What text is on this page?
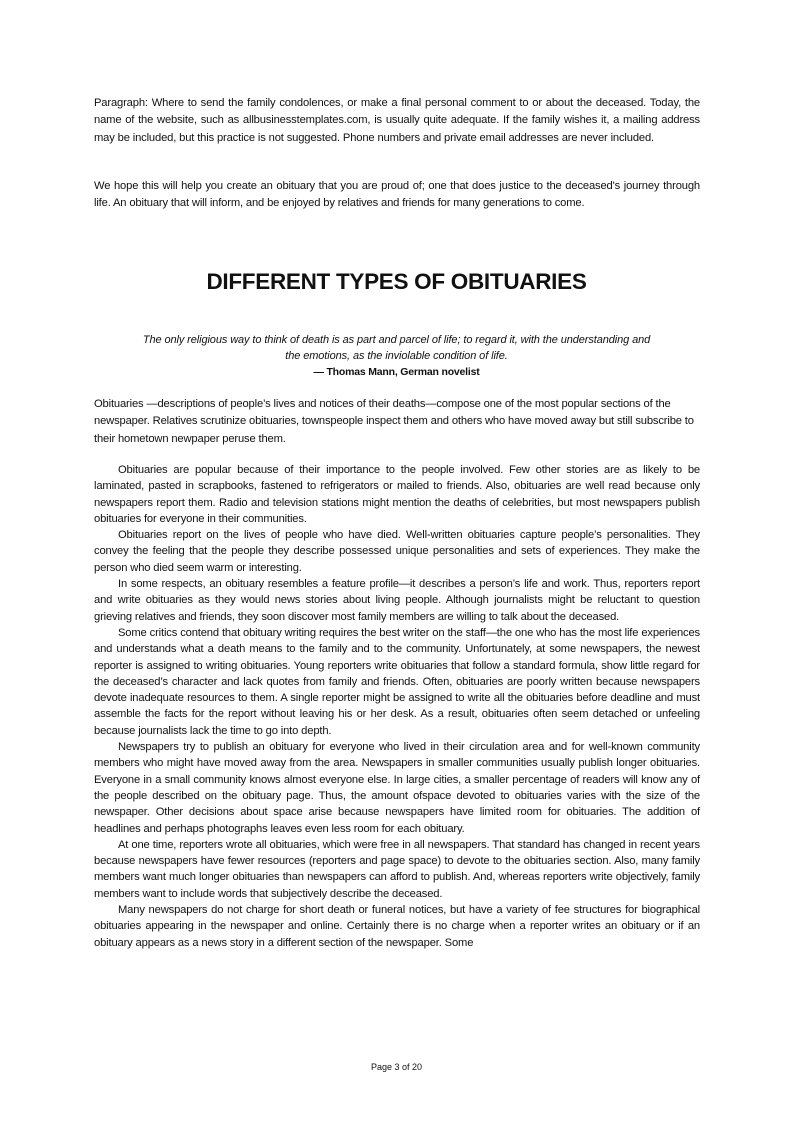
Paragraph: Where to send the family condolences, or make a final personal comment to or about the deceased. Today, the name of the website, such as allbusinesstemplates.com, is usually quite adequate. If the family wishes it, a mailing address may be included, but this practice is not suggested. Phone numbers and private email addresses are never included.

We hope this will help you create an obituary that you are proud of; one that does justice to the deceased's journey through life. An obituary that will inform, and be enjoyed by relatives and friends for many generations to come.

DIFFERENT TYPES OF OBITUARIES

The only religious way to think of death is as part and parcel of life; to regard it, with the understanding and the emotions, as the inviolable condition of life.

— Thomas Mann, German novelist

Obituaries —descriptions of people’s lives and notices of their deaths—compose one of the most popular sections of the newspaper. Relatives scrutinize obituaries, townspeople inspect them and others who have moved away but still subscribe to their hometown newpaper peruse them.

Obituaries are popular because of their importance to the people involved. Few other stories are as likely to be laminated, pasted in scrapbooks, fastened to refrigerators or mailed to friends. Also, obituaries are well read because only newspapers report them. Radio and television stations might mention the deaths of celebrities, but most newspapers publish obituaries for everyone in their communities.

Obituaries report on the lives of people who have died. Well-written obituaries capture people’s personalities. They convey the feeling that the people they describe possessed unique personalities and sets of experiences. They make the person who died seem warm or interesting.

In some respects, an obituary resembles a feature profile—it describes a person’s life and work. Thus, reporters report and write obituaries as they would news stories about living people. Although journalists might be reluctant to question grieving relatives and friends, they soon discover most family members are willing to talk about the deceased.

Some critics contend that obituary writing requires the best writer on the staff—the one who has the most life experiences and understands what a death means to the family and to the community. Unfortunately, at some newspapers, the newest reporter is assigned to writing obituaries. Young reporters write obituaries that follow a standard formula, show little regard for the deceased’s character and lack quotes from family and friends. Often, obituaries are poorly written because newspapers devote inadequate resources to them. A single reporter might be assigned to write all the obituaries before deadline and must assemble the facts for the report without leaving his or her desk. As a result, obituaries often seem detached or unfeeling because journalists lack the time to go into depth.

Newspapers try to publish an obituary for everyone who lived in their circulation area and for well-known community members who might have moved away from the area. Newspapers in smaller communities usually publish longer obituaries. Everyone in a small community knows almost everyone else. In large cities, a smaller percentage of readers will know any of the people described on the obituary page. Thus, the amount ofspace devoted to obituaries varies with the size of the newspaper. Other decisions about space arise because newspapers have limited room for obituaries. The addition of headlines and perhaps photographs leaves even less room for each obituary.

At one time, reporters wrote all obituaries, which were free in all newspapers. That standard has changed in recent years because newspapers have fewer resources (reporters and page space) to devote to the obituaries section. Also, many family members want much longer obituaries than newspapers can afford to publish. And, whereas reporters write objectively, family members want to include words that subjectively describe the deceased.

Many newspapers do not charge for short death or funeral notices, but have a variety of fee structures for biographical obituaries appearing in the newspaper and online. Certainly there is no charge when a reporter writes an obituary or if an obituary appears as a news story in a different section of the newspaper. Some

Page 3 of 20
